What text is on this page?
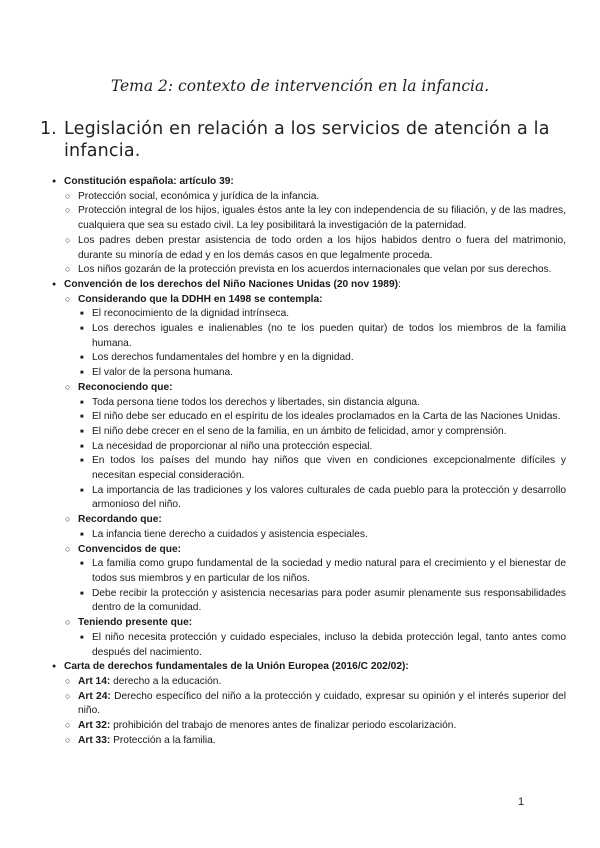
Tema 2: contexto de intervención en la infancia.
1. Legislación en relación a los servicios de atención a la infancia.
● Constitución española: artículo 39:
○ Protección social, económica y jurídica de la infancia.
○ Protección integral de los hijos, iguales éstos ante la ley con independencia de su filiación, y de las madres, cualquiera que sea su estado civil. La ley posibilitará la investigación de la paternidad.
○ Los padres deben prestar asistencia de todo orden a los hijos habidos dentro o fuera del matrimonio, durante su minoría de edad y en los demás casos en que legalmente proceda.
○ Los niños gozarán de la protección prevista en los acuerdos internacionales que velan por sus derechos.
● Convención de los derechos del Niño Naciones Unidas (20 nov 1989):
○ Considerando que la DDHH en 1498 se contempla:
■ El reconocimiento de la dignidad intrínseca.
■ Los derechos iguales e inalienables (no te los pueden quitar) de todos los miembros de la familia humana.
■ Los derechos fundamentales del hombre y en la dignidad.
■ El valor de la persona humana.
○ Reconociendo que:
■ Toda persona tiene todos los derechos y libertades, sin distancia alguna.
■ El niño debe ser educado en el espíritu de los ideales proclamados en la Carta de las Naciones Unidas.
■ El niño debe crecer en el seno de la familia, en un ámbito de felicidad, amor y comprensión.
■ La necesidad de proporcionar al niño una protección especial.
■ En todos los países del mundo hay niños que viven en condiciones excepcionalmente difíciles y necesitan especial consideración.
■ La importancia de las tradiciones y los valores culturales de cada pueblo para la protección y desarrollo armonioso del niño.
○ Recordando que:
■ La infancia tiene derecho a cuidados y asistencia especiales.
○ Convencidos de que:
■ La familia como grupo fundamental de la sociedad y medio natural para el crecimiento y el bienestar de todos sus miembros y en particular de los niños.
■ Debe recibir la protección y asistencia necesarias para poder asumir plenamente sus responsabilidades dentro de la comunidad.
○ Teniendo presente que:
■ El niño necesita protección y cuidado especiales, incluso la debida protección legal, tanto antes como después del nacimiento.
● Carta de derechos fundamentales de la Unión Europea (2016/C 202/02):
○ Art 14: derecho a la educación.
○ Art 24: Derecho específico del niño a la protección y cuidado, expresar su opinión y el interés superior del niño.
○ Art 32: prohibición del trabajo de menores antes de finalizar periodo escolarización.
○ Art 33: Protección a la familia.
1
